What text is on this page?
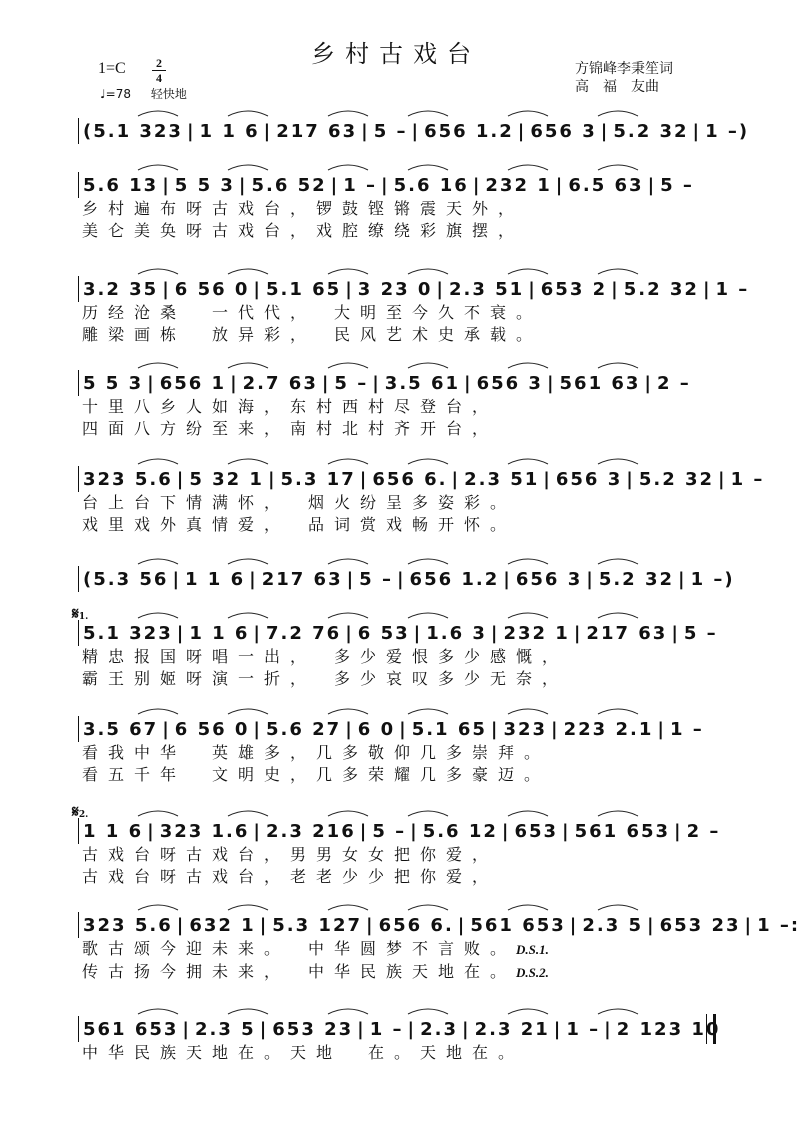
乡村古戏台
1=C	2
4
♩=78 轻快地
方锦峰李秉笙词
高　福　友曲
(5.1 323 | 1 1 6 | 217 63 | 5 – | 656 1.2 | 656 3 | 5.2 32 | 1 –)
5.6 13 | 5 5 3 | 5.6 52 | 1 – | 5.6 16 | 232 1 | 6.5 63 | 5 –
乡村遍布呀古戏台，锣鼓铿锵震天外，
美仑美奂呀古戏台，戏腔缭绕彩旗摆，
3.2 35 | 6 56 0 | 5.1 65 | 3 23 0 | 2.3 51 | 653 2 | 5.2 32 | 1 –
历经沧桑　一代代，　大明至今久不衰。
雕梁画栋　放异彩，　民风艺术史承载。
5 5 3 | 656 1 | 2.7 63 | 5 – | 3.5 61 | 656 3 | 561 63 | 2 –
十里八乡人如海，东村西村尽登台，
四面八方纷至来，南村北村齐开台，
323 5.6 | 5 32 1 | 5.3 17 | 656 6. | 2.3 51 | 656 3 | 5.2 32 | 1 –
台上台下情满怀，　烟火纷呈多姿彩。
戏里戏外真情爱，　品词赏戏畅开怀。
(5.3 56 | 1 1 6 | 217 63 | 5 – | 656 1.2 | 656 3 | 5.2 32 | 1 –)
𝄋1.
5.1 323 | 1 1 6 | 7.2 76 | 6 53 | 1.6 3 | 232 1 | 217 63 | 5 –
精忠报国呀唱一出，　多少爱恨多少感慨，
霸王别姬呀演一折，　多少哀叹多少无奈，
3.5 67 | 6 56 0 | 5.6 27 | 6 0 | 5.1 65 | 323 | 223 2.1 | 1 –
看我中华　英雄多，几多敬仰几多崇拜。
看五千年　文明史，几多荣耀几多豪迈。
𝄋2.
1 1 6 | 323 1.6 | 2.3 216 | 5 – | 5.6 12 | 653 | 561 653 | 2 –
古戏台呀古戏台，男男女女把你爱，
古戏台呀古戏台，老老少少把你爱，
323 5.6 | 632 1 | 5.3 127 | 656 6. | 561 653 | 2.3 5 | 653 23 | 1 –:
歌古颂今迎未来。　中华圆梦不言败。D.S.1.
传古扬今拥未来，　中华民族天地在。D.S.2.
561 653 | 2.3 5 | 653 23 | 1 – | 2.3 | 2.3 21 | 1 – | 2 123 10
中华民族天地在。天地　在。天地在。
